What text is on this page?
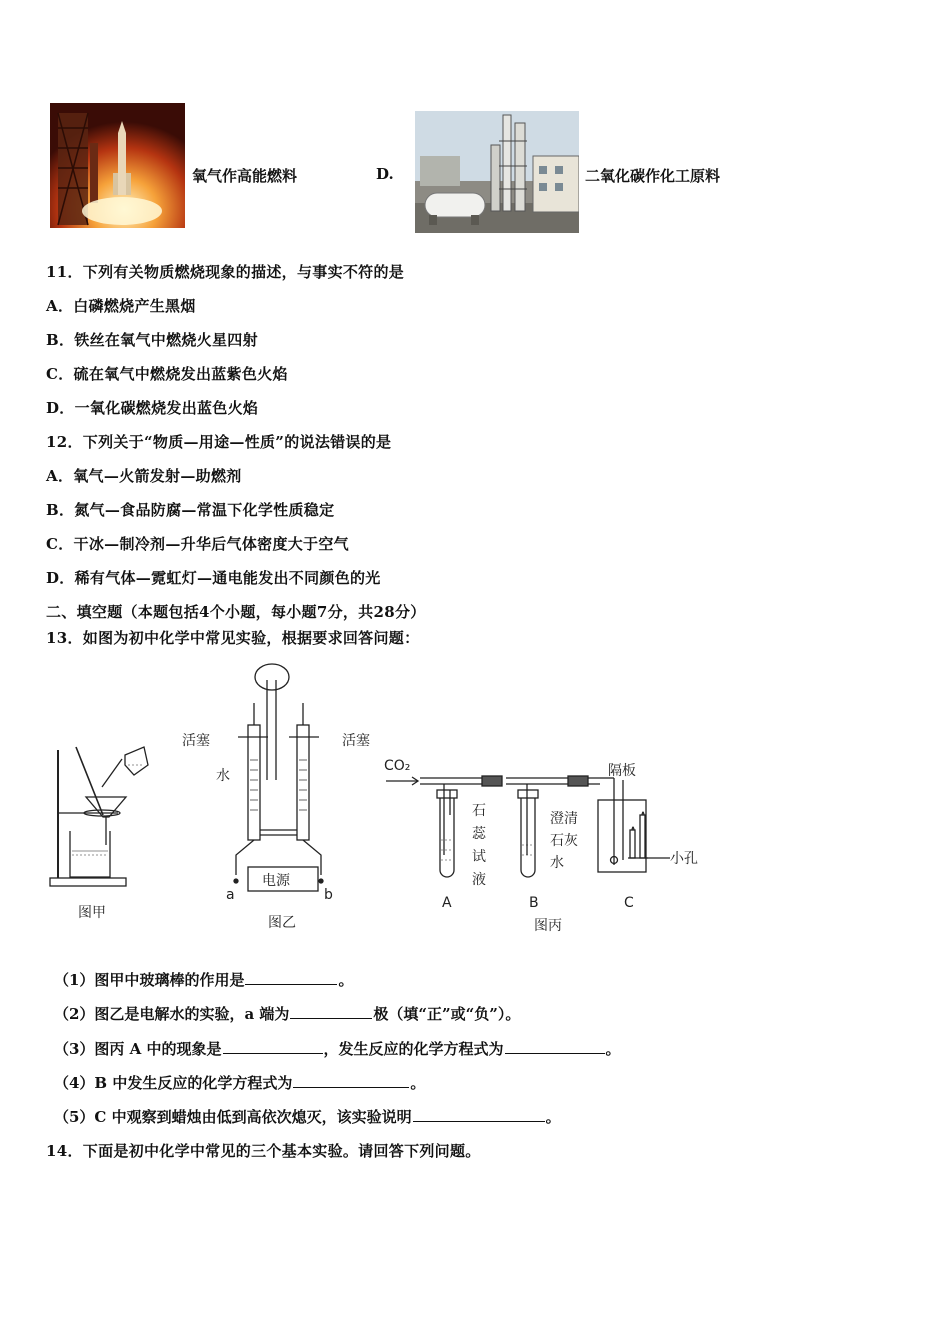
氧气作高能燃料	D.	二氧化碳作化工原料
11．下列有关物质燃烧现象的描述，与事实不符的是
A．白磷燃烧产生黑烟
B．铁丝在氧气中燃烧火星四射
C．硫在氧气中燃烧发出蓝紫色火焰
D．一氧化碳燃烧发出蓝色火焰
12．下列关于“物质—用途—性质”的说法错误的是
A．氧气—火箭发射—助燃剂
B．氮气—食品防腐—常温下化学性质稳定
C．干冰—制冷剂—升华后气体密度大于空气
D．稀有气体—霓虹灯—通电能发出不同颜色的光
二、填空题（本题包括4个小题，每小题7分，共28分）
13．如图为初中化学中常见实验，根据要求回答问题：
图甲
活塞	活塞
水
电源
a	b
图乙
CO₂	隔板
石
蕊
试
液
澄清
石灰
水	小孔
A	B	C
图丙
（1）图甲中玻璃棒的作用是	。
（2）图乙是电解水的实验，a 端为	极（填“正”或“负”）。
（3）图丙 A 中的现象是	，发生反应的化学方程式为	。
（4）B 中发生反应的化学方程式为	。
（5）C 中观察到蜡烛由低到高依次熄灭，该实验说明	。
14．下面是初中化学中常见的三个基本实验。请回答下列问题。
